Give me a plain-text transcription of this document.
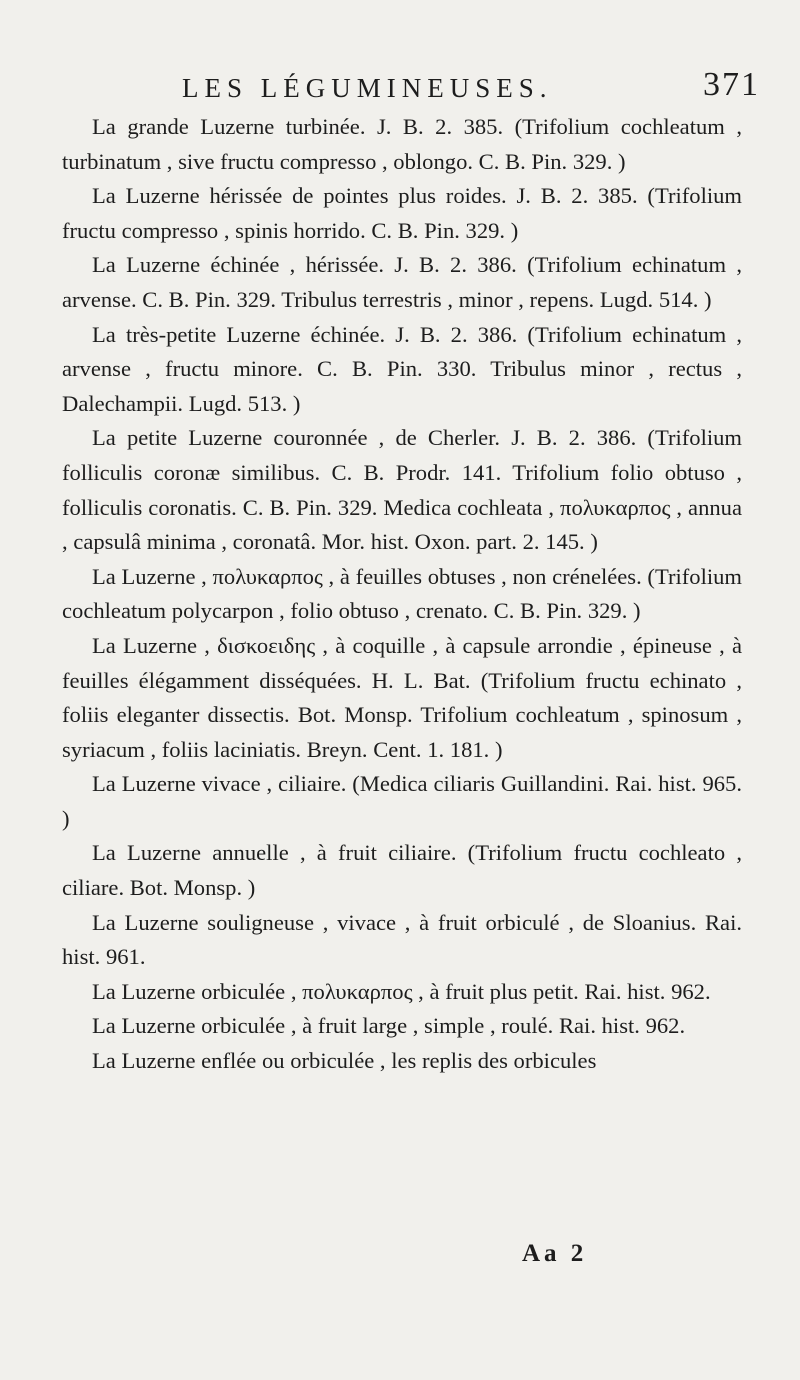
LES LÉGUMINEUSES.	371

La grande Luzerne turbinée. J. B. 2. 385. (Trifolium cochleatum , turbinatum , sive fructu compresso , oblongo. C. B. Pin. 329. )

La Luzerne hérissée de pointes plus roides. J. B. 2. 385. (Trifolium fructu compresso , spinis horrido. C. B. Pin. 329. )

La Luzerne échinée , hérissée. J. B. 2. 386. (Trifolium echinatum , arvense. C. B. Pin. 329. Tribulus terrestris , minor , repens. Lugd. 514. )

La très-petite Luzerne échinée. J. B. 2. 386. (Trifolium echinatum , arvense , fructu minore. C. B. Pin. 330. Tribulus minor , rectus , Dalechampii. Lugd. 513. )

La petite Luzerne couronnée , de Cherler. J. B. 2. 386. (Trifolium folliculis coronæ similibus. C. B. Prodr. 141. Trifolium folio obtuso , folliculis coronatis. C. B. Pin. 329. Medica cochleata , πολυκαρπος , annua , capsulâ minima , coronatâ. Mor. hist. Oxon. part. 2. 145. )

La Luzerne , πολυκαρπος , à feuilles obtuses , non crénelées. (Trifolium cochleatum polycarpon , folio obtuso , crenato. C. B. Pin. 329. )

La Luzerne , δισκοειδης , à coquille , à capsule arrondie , épineuse , à feuilles élégamment disséquées. H. L. Bat. (Trifolium fructu echinato , foliis eleganter dissectis. Bot. Monsp. Trifolium cochleatum , spinosum , syriacum , foliis laciniatis. Breyn. Cent. 1. 181. )

La Luzerne vivace , ciliaire. (Medica ciliaris Guillandini. Rai. hist. 965. )

La Luzerne annuelle , à fruit ciliaire. (Trifolium fructu cochleato , ciliare. Bot. Monsp. )

La Luzerne souligneuse , vivace , à fruit orbiculé , de Sloanius. Rai. hist. 961.

La Luzerne orbiculée , πολυκαρπος , à fruit plus petit. Rai. hist. 962.

La Luzerne orbiculée , à fruit large , simple , roulé. Rai. hist. 962.

La Luzerne enflée ou orbiculée , les replis des orbicules

Aa 2
